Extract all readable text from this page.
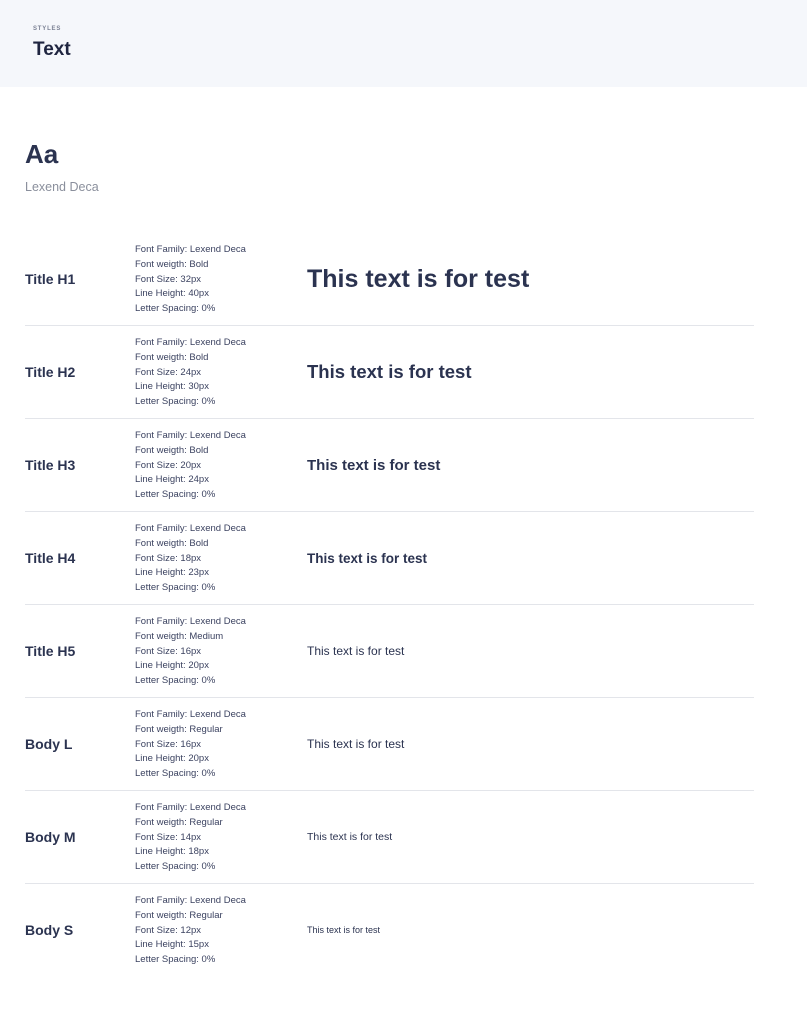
STYLES
Text
Aa
Lexend Deca
Title H1
Font Family: Lexend Deca
Font weigth: Bold
Font Size: 32px
Line Height: 40px
Letter Spacing: 0%
This text is for test
Title H2
Font Family: Lexend Deca
Font weigth: Bold
Font Size: 24px
Line Height: 30px
Letter Spacing: 0%
This text is for test
Title H3
Font Family: Lexend Deca
Font weigth: Bold
Font Size: 20px
Line Height: 24px
Letter Spacing: 0%
This text is for test
Title H4
Font Family: Lexend Deca
Font weigth: Bold
Font Size: 18px
Line Height: 23px
Letter Spacing: 0%
This text is for test
Title H5
Font Family: Lexend Deca
Font weigth: Medium
Font Size: 16px
Line Height: 20px
Letter Spacing: 0%
This text is for test
Body L
Font Family: Lexend Deca
Font weigth: Regular
Font Size: 16px
Line Height: 20px
Letter Spacing: 0%
This text is for test
Body M
Font Family: Lexend Deca
Font weigth: Regular
Font Size: 14px
Line Height: 18px
Letter Spacing: 0%
This text is for test
Body S
Font Family: Lexend Deca
Font weigth: Regular
Font Size: 12px
Line Height: 15px
Letter Spacing: 0%
This text is for test
